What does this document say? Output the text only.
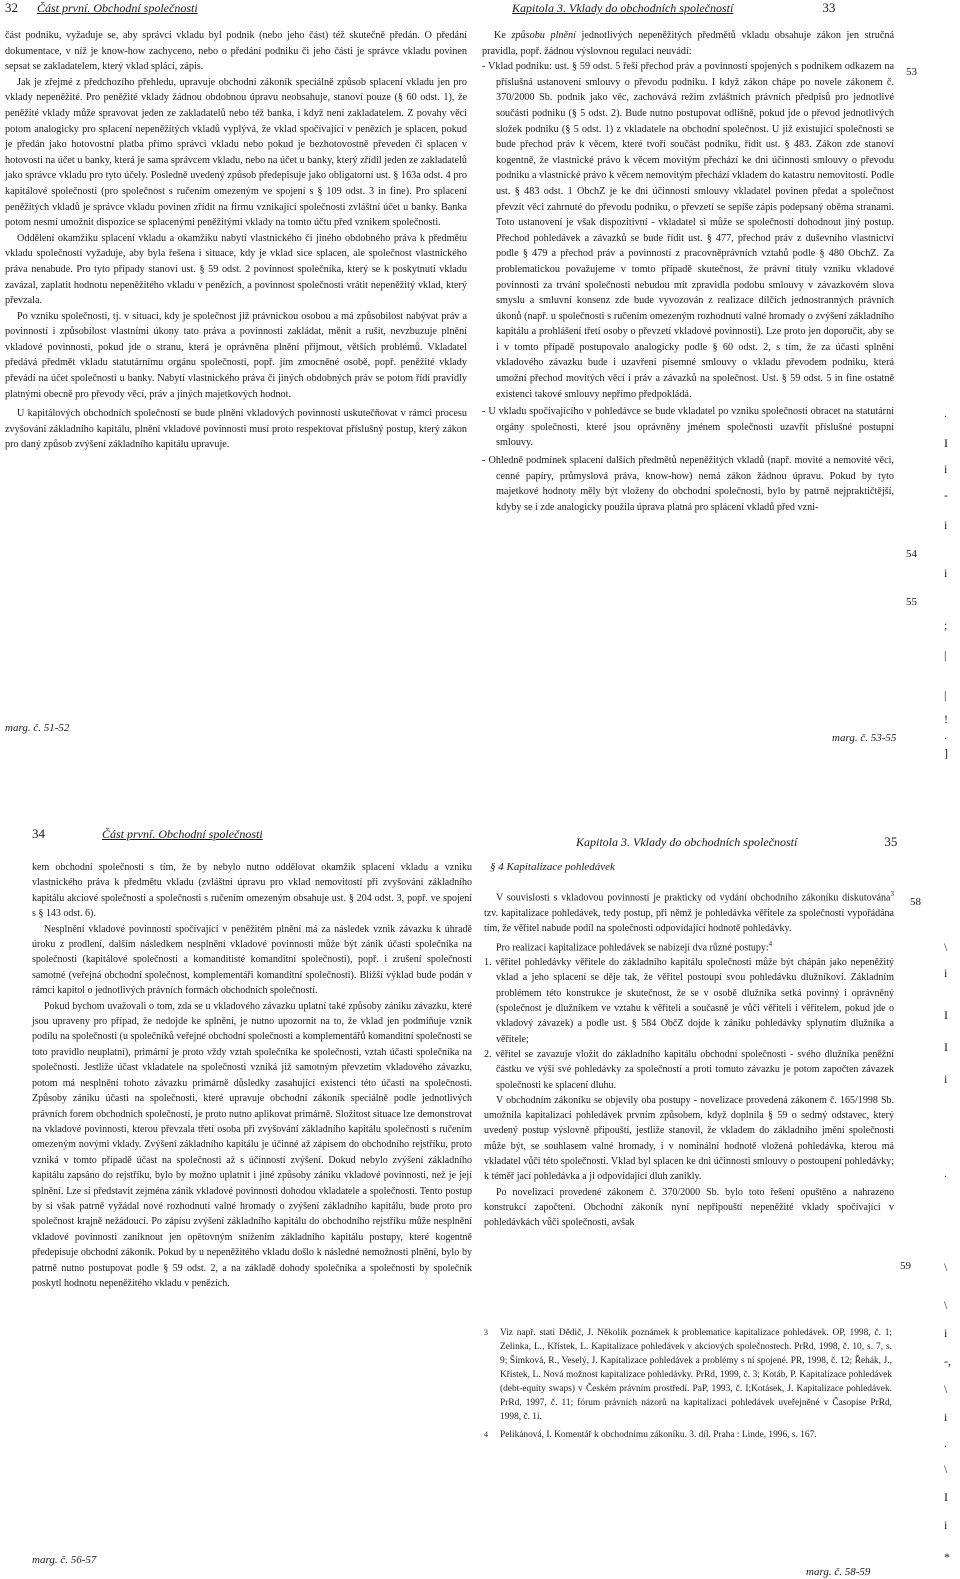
32 Část první. Obchodní společnosti

část podniku, vyžaduje se, aby správci vkladu byl podnik (nebo jeho část) též skutečně předán. O předání dokumentace, v níž je know-how zachyceno, nebo o předání podniku či jeho části je správce vkladu povinen sepsat se zakladatelem, který vklad splácí, zápis.

Jak je zřejmé z předchozího přehledu, upravuje obchodní zákoník speciálně způsob splacení vkladu jen pro vklady nepeněžité. Pro peněžité vklady žádnou obdobnou úpravu neobsahuje, stanoví pouze (§ 60 odst. 1), že peněžité vklady může spravovat jeden ze zakladatelů nebo též banka, i když není zakladatelem. Z povahy věci potom analogicky pro splacení nepeněžitých vkladů vyplývá, že vklad spočívající v penězích je splacen, pokud je předán jako hotovostní platba přímo správci vkladu nebo pokud je bezhotovostně převeden či splacen v hotovosti na účet u banky, která je sama správcem vkladu, nebo na účet u banky, který zřídil jeden ze zakladatelů jako správce vkladu pro tyto účely. Posledně uvedený způsob předepisuje jako obligatorní ust. § 163a odst. 4 pro kapitálové společnosti (pro společnost s ručením omezeným ve spojení s § 109 odst. 3 in fine). Pro splacení peněžitých vkladů je správce vkladu povinen zřídit na firmu vznikající společnosti zvláštní účet u banky. Banka potom nesmí umožnit dispozice se splacenými peněžitými vklady na tomto účtu před vznikem společnosti.

Oddělení okamžiku splacení vkladu a okamžiku nabytí vlastnického či jiného obdobného práva k předmětu vkladu společností vyžaduje, aby byla řešena i situace, kdy je vklad sice splacen, ale společnost vlastnického práva nenabude. Pro tyto případy stanoví ust. § 59 odst. 2 povinnost společníka, který se k poskytnutí vkladu zavázal, zaplatit hodnotu nepeněžitého vkladu v penězích, a povinnost společnosti vrátit nepeněžitý vklad, který převzala.

Po vzniku společnosti, tj. v situaci, kdy je společnost již právnickou osobou a má způsobilost nabývat práv a povinností i způsobilost vlastními úkony tato práva a povinnosti zakládat, měnit a rušit, nevzbuzuje plnění vkladové povinnosti, pokud jde o stranu, která je oprávněna plnění přijmout, větších problémů. Vkladatel předává předmět vkladu statutárnímu orgánu společnosti, popř. jím zmocněné osobě, popř. peněžité vklady převádí na účet společnosti u banky. Nabytí vlastnického práva či jiných obdobných práv se potom řídí pravidly platnými obecně pro převody věcí, práv a jiných majetkových hodnot.

U kapitálových obchodních společností se bude plnění vkladových povinností uskutečňovat v rámci procesu zvyšování základního kapitálu, plnění vkladové povinnosti musí proto respektovat příslušný postup, který zákon pro daný způsob zvýšení základního kapitálu upravuje.

marg. č. 51-52
Kapitola 3. Vklady do obchodních společností	33

Ke způsobu plnění jednotlivých nepeněžitých předmětů vkladu obsahuje zákon jen stručná pravidla, popř. žádnou výslovnou regulaci neuvádí:

- Vklad podniku: ust. § 59 odst. 5 řeší přechod práv a povinností spojených s podnikem odkazem na příslušná ustanovení smlouvy o převodu podniku. I když zákon chápe po novele zákonem č. 370/2000 Sb. podnik jako věc, zachovává režim zvláštních právních předpisů pro jednotlivé součásti podniku (§ 5 odst. 2). Bude nutno postupovat odlišně, pokud jde o převod jednotlivých složek podniku (§ 5 odst. 1) z vkladatele na obchodní společnost. U již existující společnosti se bude přechod práv k věcem, které tvoří součást podniku, řídit ust. § 483. Zákon zde stanoví kogentně, že vlastnické právo k věcem movitým přechází ke dni účinnosti smlouvy o převodu podniku a vlastnické právo k věcem nemovitým přechází vkladem do katastru nemovitostí. Podle ust. § 483 odst. 1 ObchZ je ke dni účinnosti smlouvy vkladatel povinen předat a společnost převzít věci zahrnuté do převodu podniku, o převzetí se sepíše zápis podepsaný oběma stranami. Toto ustanovení je však dispozitivní - vkladatel si může se společností dohodnout jiný postup. Přechod pohledávek a závazků se bude řídit ust. § 477, přechod práv z duševního vlastnictví podle § 479 a přechod práv a povinností z pracovněprávních vztahů podle § 480 ObchZ. Za problematickou považujeme v tomto případě skutečnost, že právní tituly vzniku vkladové povinnosti za trvání společnosti nebudou mít zpravidla podobu smlouvy v závazkovém slova smyslu a smluvní konsenz zde bude vyvozován z realizace dílčích jednostranných právních úkonů (např. u společnosti s ručením omezeným rozhodnutí valné hromady o zvýšení základního kapitálu a prohlášení třetí osoby o převzetí vkladové povinnosti). Lze proto jen doporučit, aby se i v tomto případě postupovalo analogicky podle § 60 odst. 2, s tím, že za účasti splnění vkladového závazku bude i uzavření písemné smlouvy o vkladu převodem podniku, která umožní přechod movitých věcí i práv a závazků na společnost. Ust. § 59 odst. 5 in fine ostatně existenci takové smlouvy nepřímo předpokládá.
- U vkladu spočívajícího v pohledávce se bude vkladatel po vzniku společnosti obracet na statutární orgány společnosti, které jsou oprávněny jménem společnosti uzavřít příslušné postupní smlouvy.
- Ohledně podmínek splacení dalších předmětů nepeněžitých vkladů (např. movité a nemovité věci, cenné papíry, průmyslová práva, know-how) nemá zákon žádnou úpravu. Pokud by tyto majetkové hodnoty měly být vloženy do obchodní společnosti, bylo by patrně nejpraktičtější, kdyby se i zde analogicky použila úprava platná pro splácení vkladů před vzni-
53
54
55
marg. č. 53-55
.
I
i
-
i
i
;
|
|
!
.
]
34	Část první. Obchodní společnosti

kem obchodní společnosti s tím, že by nebylo nutno oddělovat okamžik splacení vkladu a vzniku vlastnického práva k předmětu vkladu (zvláštní úpravu pro vklad nemovitostí při zvyšování základního kapitálu akciové společnosti a společnosti s ručením omezeným obsahuje ust. § 204 odst. 3, popř. ve spojení s § 143 odst. 6).

Nesplnění vkladové povinnosti spočívající v peněžitém plnění má za následek vznik závazku k úhradě úroku z prodlení, dalším následkem nesplnění vkladové povinnosti může být zánik účasti společníka na společnosti (kapitálové společnosti a komanditisté komanditní společnosti), popř. i zrušení společnosti samotné (veřejná obchodní společnost, komplementáři komanditní společnosti). Bližší výklad bude podán v rámci kapitol o jednotlivých právních formách obchodních společností.

Pokud bychom uvažovali o tom, zda se u vkladového závazku uplatní také způsoby zániku závazku, které jsou upraveny pro případ, že nedojde ke splnění, je nutno upozornit na to, že vklad jen podmíňuje vznik podílu na společnosti (u společníků veřejné obchodní společnosti a komplementářů komanditní společnosti se toto pravidlo neuplatní), primární je proto vždy vztah společníka ke společnosti, vztah účasti společníka na společnosti. Jestliže účast vkladatele na společnosti vzniká již samotným převzetím vkladového závazku, potom má nesplnění tohoto závazku primárně důsledky zasahující existenci této účasti na společnosti. Způsoby zániku účasti na společnosti, které upravuje obchodní zákoník speciálně podle jednotlivých právních forem obchodních společností, je proto nutno aplikovat primárně. Složitost situace lze demonstrovat na vkladové povinnosti, kterou převzala třetí osoba při zvyšování základního kapitálu společnosti s ručením omezeným novými vklady. Zvýšení základního kapitálu je účinné až zápisem do obchodního rejstříku, proto vzniká v tomto případě účast na společnosti až s účinností zvýšení. Dokud nebylo zvýšení základního kapitálu zapsáno do rejstříku, bylo by možno uplatnit i jiné způsoby zániku vkladové povinnosti, než je její splnění. Lze si představit zejména zánik vkladové povinnosti dohodou vkladatele a společnosti. Tento postup by si však patrně vyžádal nové rozhodnutí valné hromady o zvýšení základního kapitálu, bude proto pro společnost krajně nežádoucí. Po zápisu zvýšení základního kapitálu do obchodního rejstříku může nesplnění vkladové povinnosti zaniknout jen opětovným snížením základního kapitálu postupy, které kogentně předepisuje obchodní zákoník. Pokud by u nepeněžitého vkladu došlo k následné nemožnosti plnění, bylo by patrně nutno postupovat podle § 59 odst. 2, a na základě dohody společníka a společnosti by společník poskytl hodnotu nepeněžitého vkladu v penězích.

marg. č. 56-57
Kapitola 3. Vklady do obchodních společností	35
§ 4 Kapitalizace pohledávek

V souvislosti s vkladovou povinností je prakticky od vydání obchodního zákoníku diskutována$^3$ tzv. kapitalizace pohledávek, tedy postup, při němž je pohledávka věřitele za společností vypořádána tím, že věřitel nabude podíl na společnosti odpovídající hodnotě pohledávky.

Pro realizaci kapitalizace pohledávek se nabízejí dva různé postupy:$^4$

1. věřitel pohledávky věřitele do základního kapitálu společnosti může být chápán jako nepeněžitý vklad a jeho splacení se děje tak, že věřitel postoupí svou pohledávku dlužníkovi. Základním problémem této konstrukce je skutečnost, že se v osobě dlužníka setká povinný i oprávněný (společnost je dlužníkem ve vztahu k věřiteli a současně je vůči věřiteli i věřitelem, pokud jde o vkladový závazek) a podle ust. § 584 ObčZ dojde k zániku pohledávky splynutím dlužníka a věřitele;
2. věřitel se zavazuje vložit do základního kapitálu obchodní společnosti - svého dlužníka peněžní částku ve výši své pohledávky za společností a proti tomuto závazku je potom započten závazek společnosti ke splacení dluhu.

V obchodním zákoníku se objevily oba postupy - novelizace provedená zákonem č. 165/1998 Sb. umožnila kapitalizaci pohledávek prvním způsobem, když doplnila § 59 o sedmý odstavec, který uvedený postup výslovně připouští, jestliže stanovil, že vkladem do základního jmění společnosti může být, se souhlasem valné hromady, i v nominální hodnotě vložená pohledávka, kterou má vkladatel vůči této společnosti. Vklad byl splacen ke dni účinnosti smlouvy o postoupení pohledávky; k téměř jací pohledávka a ji odpovídající dluh zanikly.

Po novelizaci provedené zákonem č. 370/2000 Sb. bylo toto řešení opuštěno a nahrazeno konstrukcí započtení. Obchodní zákoník nyní nepřipouští nepeněžité vklady spočívající v pohledávkách vůči společnosti, avšak

58
59
3 Viz např. stati Dědič, J. Několik poznámek k problematice kapitalizace pohledávek. OP, 1998, č. 1; Zelinka, L., Křístek, L. Kapitalizace pohledávek v akciových společnostech. PrRd, 1998, č. 10, s. 7, s. 9; Šimková, R., Veselý, J. Kapitalizace pohledávek a problémy s ní spojené. PR, 1998, č. 12; Řehák, J., Křístek, L. Nová možnost kapitalizace pohledávky. PrRd, 1999, č. 3; Kotáb, P. Kapitalizace pohledávek (debt-equity swaps) v Českém právním prostředí. PaP, 1993, č. I;Kotásek, J. Kapitalizace pohledávek. PrRd, 1997, č. 11; fórum právních názorů na kapitalizaci pohledávek uveřejněné v Časopise PrRd, 1998, č. 1i.
4 Pelikánová, I. Komentář k obchodnímu zákoníku. 3. díl. Praha : Linde, 1996, s. 167.
marg. č. 58-59
\
i
I
I
i
.
\
\
i
-,
\
i
.
\
I
i
*
